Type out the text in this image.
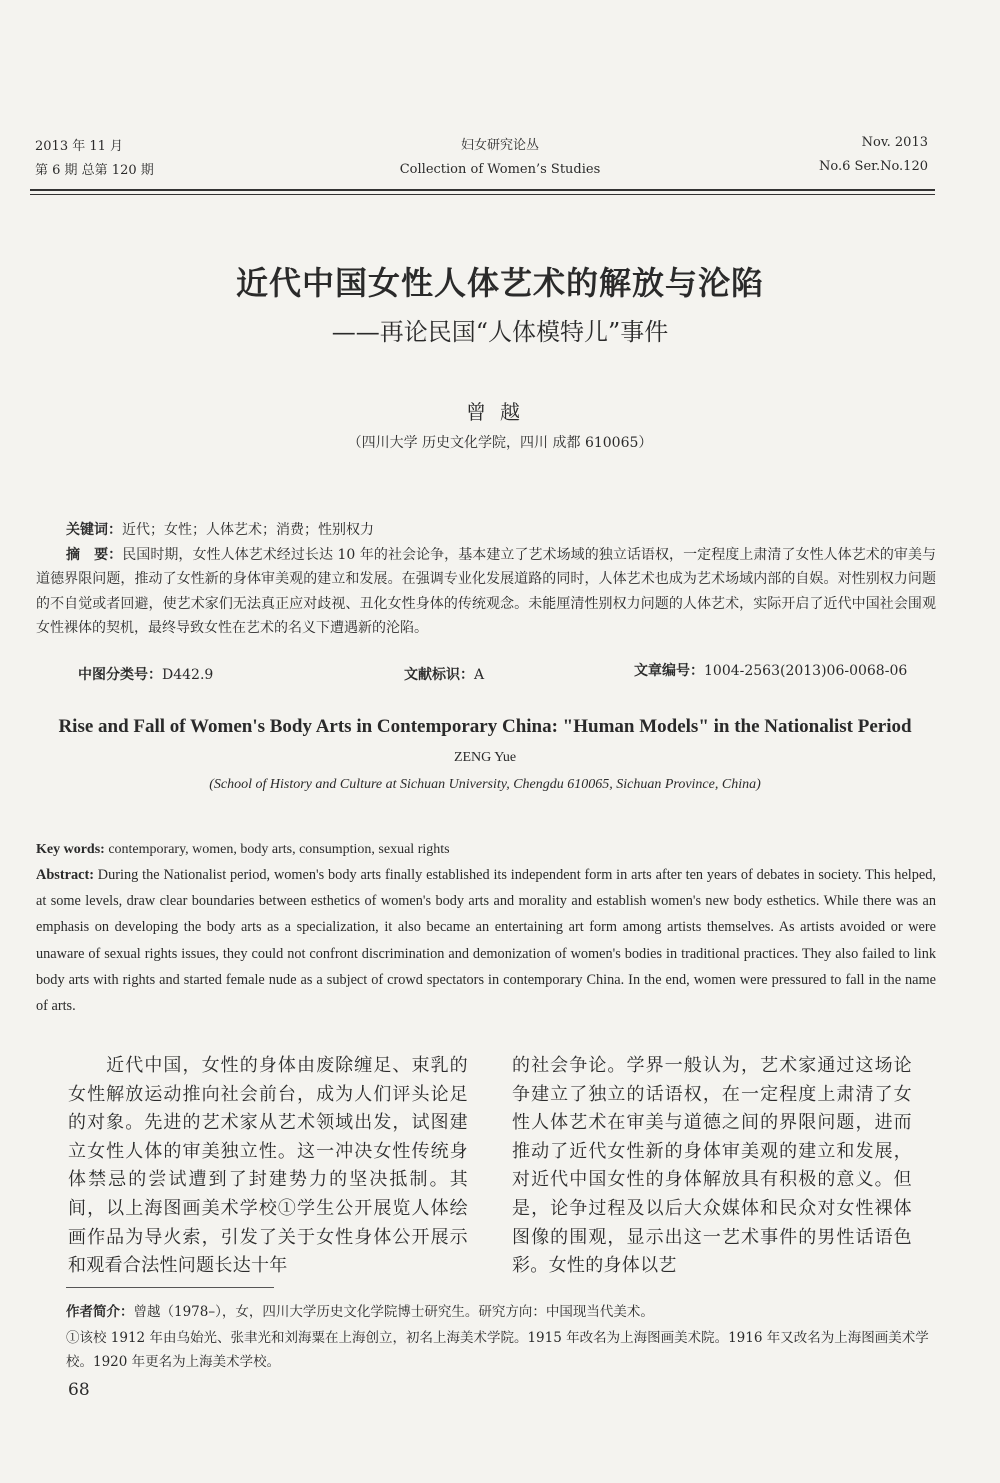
2013 年 11 月
第 6 期 总第 120 期
妇女研究论丛
Collection of Women’s Studies
Nov. 2013
No.6 Ser.No.120
近代中国女性人体艺术的解放与沦陷
——再论民国“人体模特儿”事件
曾越
（四川大学 历史文化学院，四川 成都 610065）
关键词：近代；女性；人体艺术；消费；性别权力
摘　要：民国时期，女性人体艺术经过长达 10 年的社会论争，基本建立了艺术场域的独立话语权，一定程度上肃清了女性人体艺术的审美与道德界限问题，推动了女性新的身体审美观的建立和发展。在强调专业化发展道路的同时，人体艺术也成为艺术场域内部的自娱。对性别权力问题的不自觉或者回避，使艺术家们无法真正应对歧视、丑化女性身体的传统观念。未能厘清性别权力问题的人体艺术，实际开启了近代中国社会围观女性裸体的契机，最终导致女性在艺术的名义下遭遇新的沦陷。
中图分类号：D442.9	文献标识：A	文章编号：1004-2563(2013)06-0068-06
Rise and Fall of Women's Body Arts in Contemporary China: "Human Models" in the Nationalist Period
ZENG Yue
(School of History and Culture at Sichuan University, Chengdu 610065, Sichuan Province, China)
Key words: contemporary, women, body arts, consumption, sexual rights
Abstract: During the Nationalist period, women's body arts finally established its independent form in arts after ten years of debates in society. This helped, at some levels, draw clear boundaries between esthetics of women's body arts and morality and establish women's new body esthetics. While there was an emphasis on developing the body arts as a specialization, it also became an entertaining art form among artists themselves. As artists avoided or were unaware of sexual rights issues, they could not confront discrimination and demonization of women's bodies in traditional practices. They also failed to link body arts with rights and started female nude as a subject of crowd spectators in contemporary China. In the end, women were pressured to fall in the name of arts.
　　近代中国，女性的身体由废除缠足、束乳的女性解放运动推向社会前台，成为人们评头论足的对象。先进的艺术家从艺术领域出发，试图建立女性人体的审美独立性。这一冲决女性传统身体禁忌的尝试遭到了封建势力的坚决抵制。其间，以上海图画美术学校①学生公开展览人体绘画作品为导火索，引发了关于女性身体公开展示和观看合法性问题长达十年
的社会争论。学界一般认为，艺术家通过这场论争建立了独立的话语权，在一定程度上肃清了女性人体艺术在审美与道德之间的界限问题，进而推动了近代女性新的身体审美观的建立和发展，对近代中国女性的身体解放具有积极的意义。但是，论争过程及以后大众媒体和民众对女性裸体图像的围观，显示出这一艺术事件的男性话语色彩。女性的身体以艺
作者简介：曾越（1978–），女，四川大学历史文化学院博士研究生。研究方向：中国现当代美术。
①该校 1912 年由乌始光、张聿光和刘海粟在上海创立，初名上海美术学院。1915 年改名为上海图画美术院。1916 年又改名为上海图画美术学校。1920 年更名为上海美术学校。
68
